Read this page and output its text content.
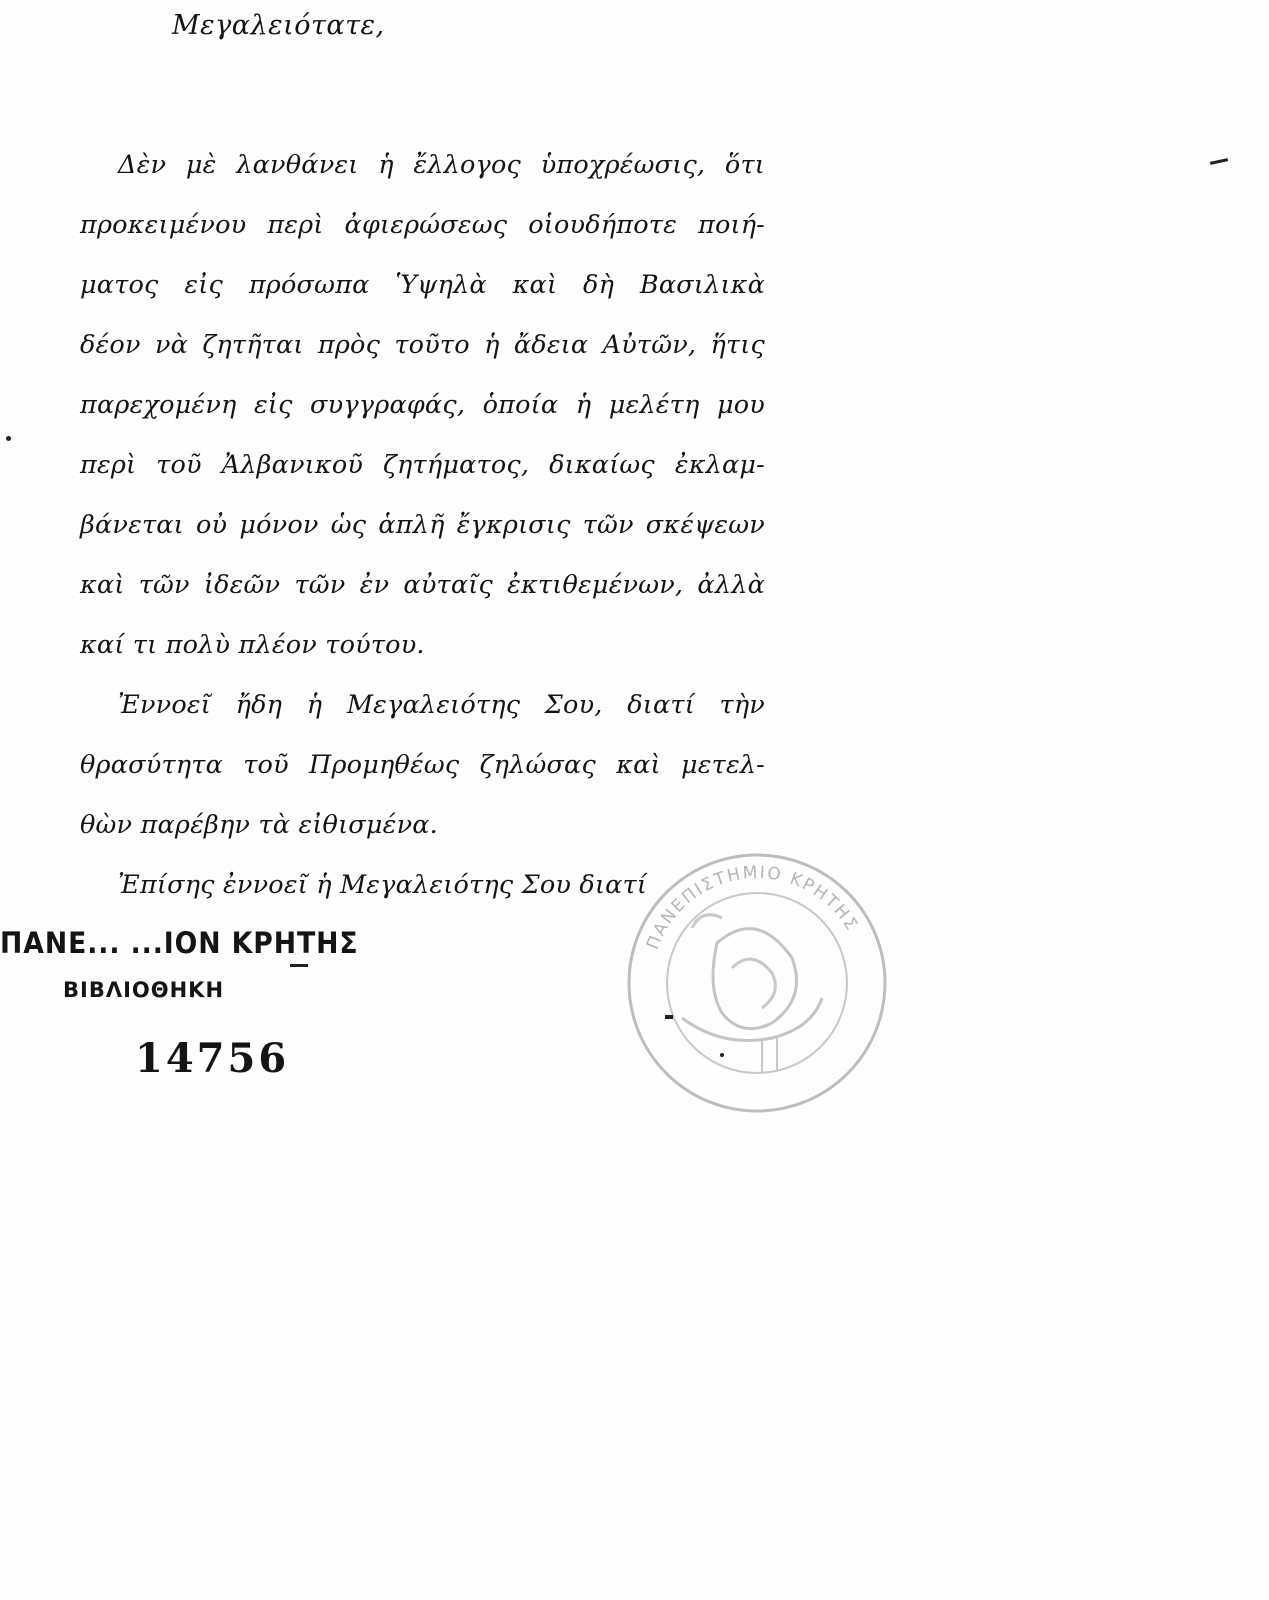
Μεγαλειότατε,
Δὲν μὲ λανθάνει ἡ ἔλλογος ὑποχρέωσις, ὅτι
προκειμένου περὶ ἀφιερώσεως οἱουδήποτε ποιή-
ματος εἰς πρόσωπα Ὑψηλὰ καὶ δὴ Βασιλικὰ
δέον νὰ ζητῆται πρὸς τοῦτο ἡ ἄδεια Αὐτῶν, ἥτις
παρεχομένη εἰς συγγραφάς, ὁποία ἡ μελέτη μου
περὶ τοῦ Ἀλβανικοῦ ζητήματος, δικαίως ἐκλαμ-
βάνεται οὐ μόνον ὡς ἁπλῆ ἔγκρισις τῶν σκέψεων
καὶ τῶν ἰδεῶν τῶν ἐν αὐταῖς ἐκτιθεμένων, ἀλλὰ
καί τι πολὺ πλέον τούτου.
Ἐννοεῖ ἤδη ἡ Μεγαλειότης Σου, διατί τὴν
θρασύτητα τοῦ Προμηθέως ζηλώσας καὶ μετελ-
θὼν παρέβην τὰ εἰθισμένα.
Ἐπίσης ἐννοεῖ ἡ Μεγαλειότης Σου διατί
ΠΑΝΕ... ...ΙΟΝ ΚΡΗΤΗΣ
ΒΙΒΛΙΟΘΗΚΗ
14756
ΠΑΝΕΠΙΣΤΗΜΙΟ ΚΡΗΤΗΣ
